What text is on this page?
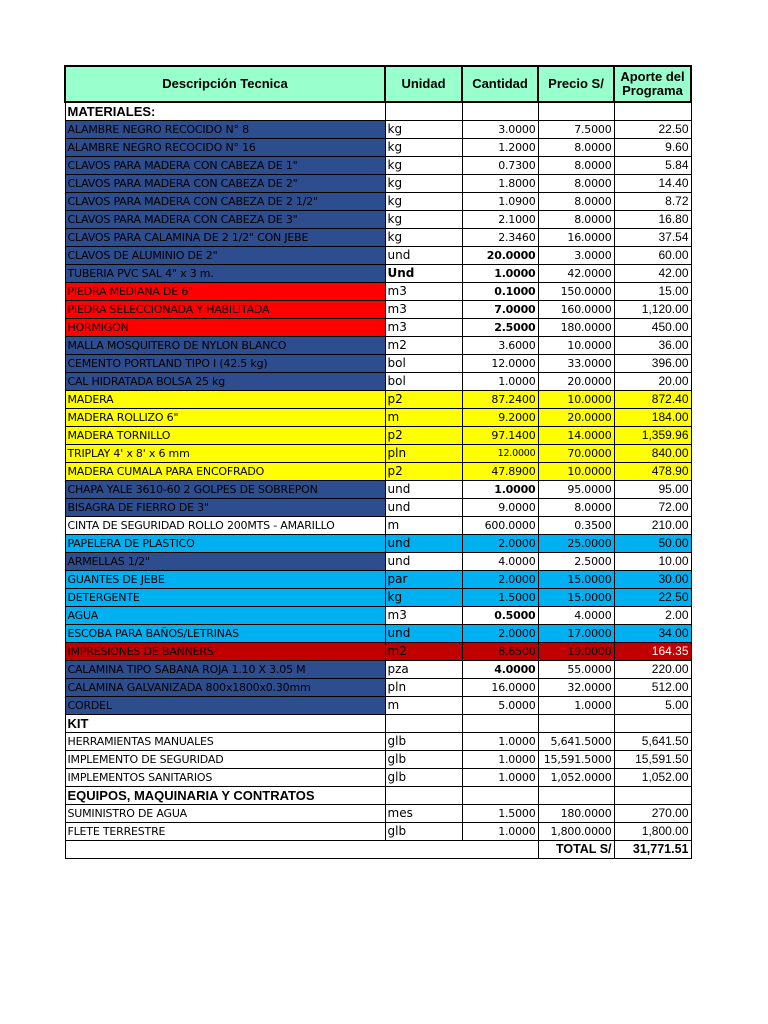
Descripción Tecnica	Unidad	Cantidad	Precio S/	Aporte del Programa
MATERIALES:				
ALAMBRE NEGRO RECOCIDO N° 8	kg	3.0000	7.5000	22.50
ALAMBRE NEGRO RECOCIDO N° 16	kg	1.2000	8.0000	9.60
CLAVOS PARA MADERA CON CABEZA DE 1"	kg	0.7300	8.0000	5.84
CLAVOS PARA MADERA CON CABEZA DE 2"	kg	1.8000	8.0000	14.40
CLAVOS PARA MADERA CON CABEZA DE 2 1/2"	kg	1.0900	8.0000	8.72
CLAVOS PARA MADERA CON CABEZA DE 3"	kg	2.1000	8.0000	16.80
CLAVOS PARA CALAMINA DE 2 1/2" CON JEBE	kg	2.3460	16.0000	37.54
CLAVOS DE ALUMINIO DE 2"	und	20.0000	3.0000	60.00
TUBERIA PVC SAL 4" x 3 m.	Und	1.0000	42.0000	42.00
PIEDRA MEDIANA DE 6"	m3	0.1000	150.0000	15.00
PIEDRA SELECCIONADA Y HABILITADA	m3	7.0000	160.0000	1,120.00
HORMIGON	m3	2.5000	180.0000	450.00
MALLA MOSQUITERO DE NYLON BLANCO	m2	3.6000	10.0000	36.00
CEMENTO PORTLAND TIPO I (42.5 kg)	bol	12.0000	33.0000	396.00
CAL HIDRATADA BOLSA 25 kg	bol	1.0000	20.0000	20.00
MADERA	p2	87.2400	10.0000	872.40
MADERA ROLLIZO 6"	m	9.2000	20.0000	184.00
MADERA TORNILLO	p2	97.1400	14.0000	1,359.96
TRIPLAY 4' x 8' x 6 mm	pln	12.0000	70.0000	840.00
MADERA CUMALA PARA ENCOFRADO	p2	47.8900	10.0000	478.90
CHAPA YALE 3610-60 2 GOLPES DE SOBREPON	und	1.0000	95.0000	95.00
BISAGRA DE FIERRO DE 3"	und	9.0000	8.0000	72.00
CINTA DE SEGURIDAD ROLLO 200MTS - AMARILLO	m	600.0000	0.3500	210.00
PAPELERA DE PLASTICO	und	2.0000	25.0000	50.00
ARMELLAS 1/2"	und	4.0000	2.5000	10.00
GUANTES DE JEBE	par	2.0000	15.0000	30.00
DETERGENTE	kg	1.5000	15.0000	22.50
AGUA	m3	0.5000	4.0000	2.00
ESCOBA PARA BAÑOS/LETRINAS	und	2.0000	17.0000	34.00
IMPRESIONES DE BANNERS	m2	8.6500	19.0000	164.35
CALAMINA TIPO SABANA ROJA 1.10 X 3.05 M	pza	4.0000	55.0000	220.00
CALAMINA GALVANIZADA 800x1800x0.30mm	pln	16.0000	32.0000	512.00
CORDEL	m	5.0000	1.0000	5.00
KIT				
HERRAMIENTAS MANUALES	glb	1.0000	5,641.5000	5,641.50
IMPLEMENTO DE SEGURIDAD	glb	1.0000	15,591.5000	15,591.50
IMPLEMENTOS SANITARIOS	glb	1.0000	1,052.0000	1,052.00
EQUIPOS, MAQUINARIA Y CONTRATOS				
SUMINISTRO DE AGUA	mes	1.5000	180.0000	270.00
FLETE TERRESTRE	glb	1.0000	1,800.0000	1,800.00
			TOTAL S/	31,771.51
